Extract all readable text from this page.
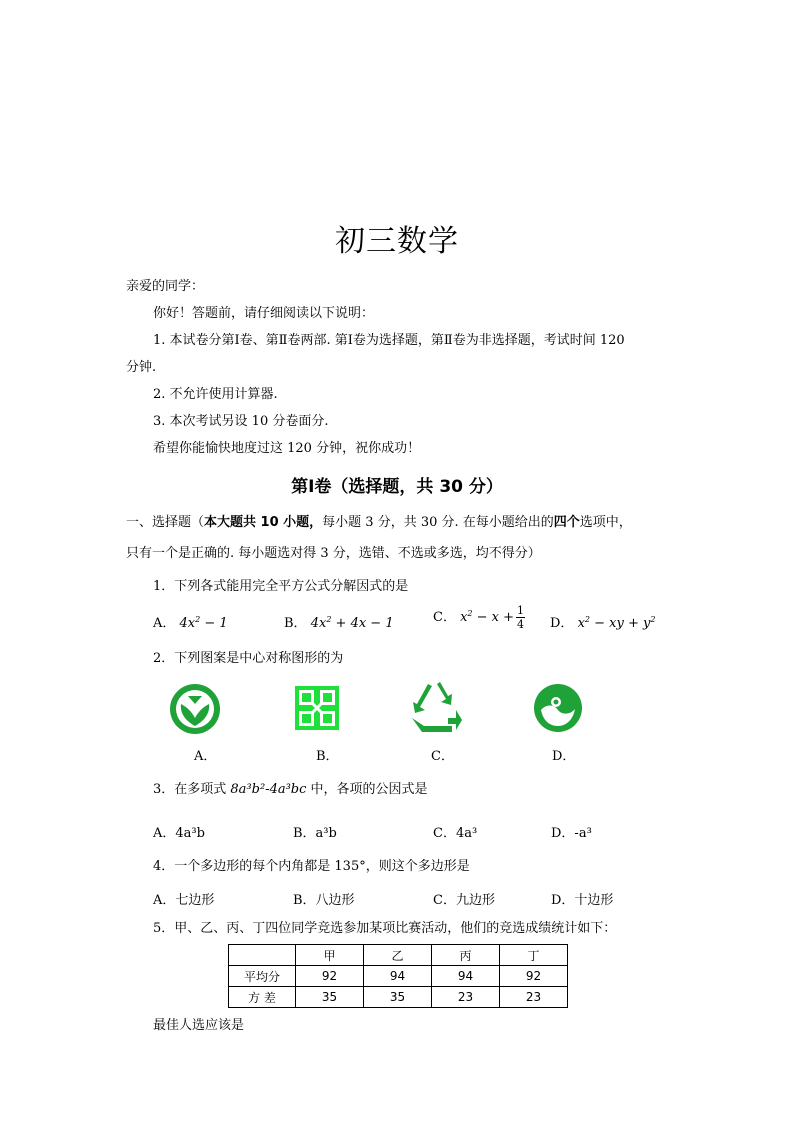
初三数学
亲爱的同学：
你好！答题前，请仔细阅读以下说明：
1. 本试卷分第Ⅰ卷、第Ⅱ卷两部. 第Ⅰ卷为选择题，第Ⅱ卷为非选择题，考试时间 120
分钟.
2. 不允许使用计算器.
3. 本次考试另设 10 分卷面分.
希望你能愉快地度过这 120 分钟，祝你成功！
第Ⅰ卷（选择题，共 30 分）
一、选择题（本大题共 10 小题，每小题 3 分，共 30 分. 在每小题给出的四个选项中，
只有一个是正确的. 每小题选对得 3 分，选错、不选或多选，均不得分）
1．下列各式能用完全平方公式分解因式的是
A． $4x^2 - 1$	B． $4x^2 + 4x - 1$	C． $x^2 - x + \frac{1}{4}$ D． $x^2$ − xy + $y^2$
2．下列图案是中心对称图形的为
A．	B．	C．	D．
3．在多项式 8a³b²-4a³bc 中，各项的公因式是
A．4a³b	B．a³b	C．4a³	D．-a³
4．一个多边形的每个内角都是 135°，则这个多边形是
A．七边形	B．八边形	C．九边形	D．十边形
5．甲、乙、丙、丁四位同学竞选参加某项比赛活动，他们的竞选成绩统计如下：
	甲	乙	丙	丁
平均分	92	94	94	92
方 差	35	35	23	23
最佳人选应该是
